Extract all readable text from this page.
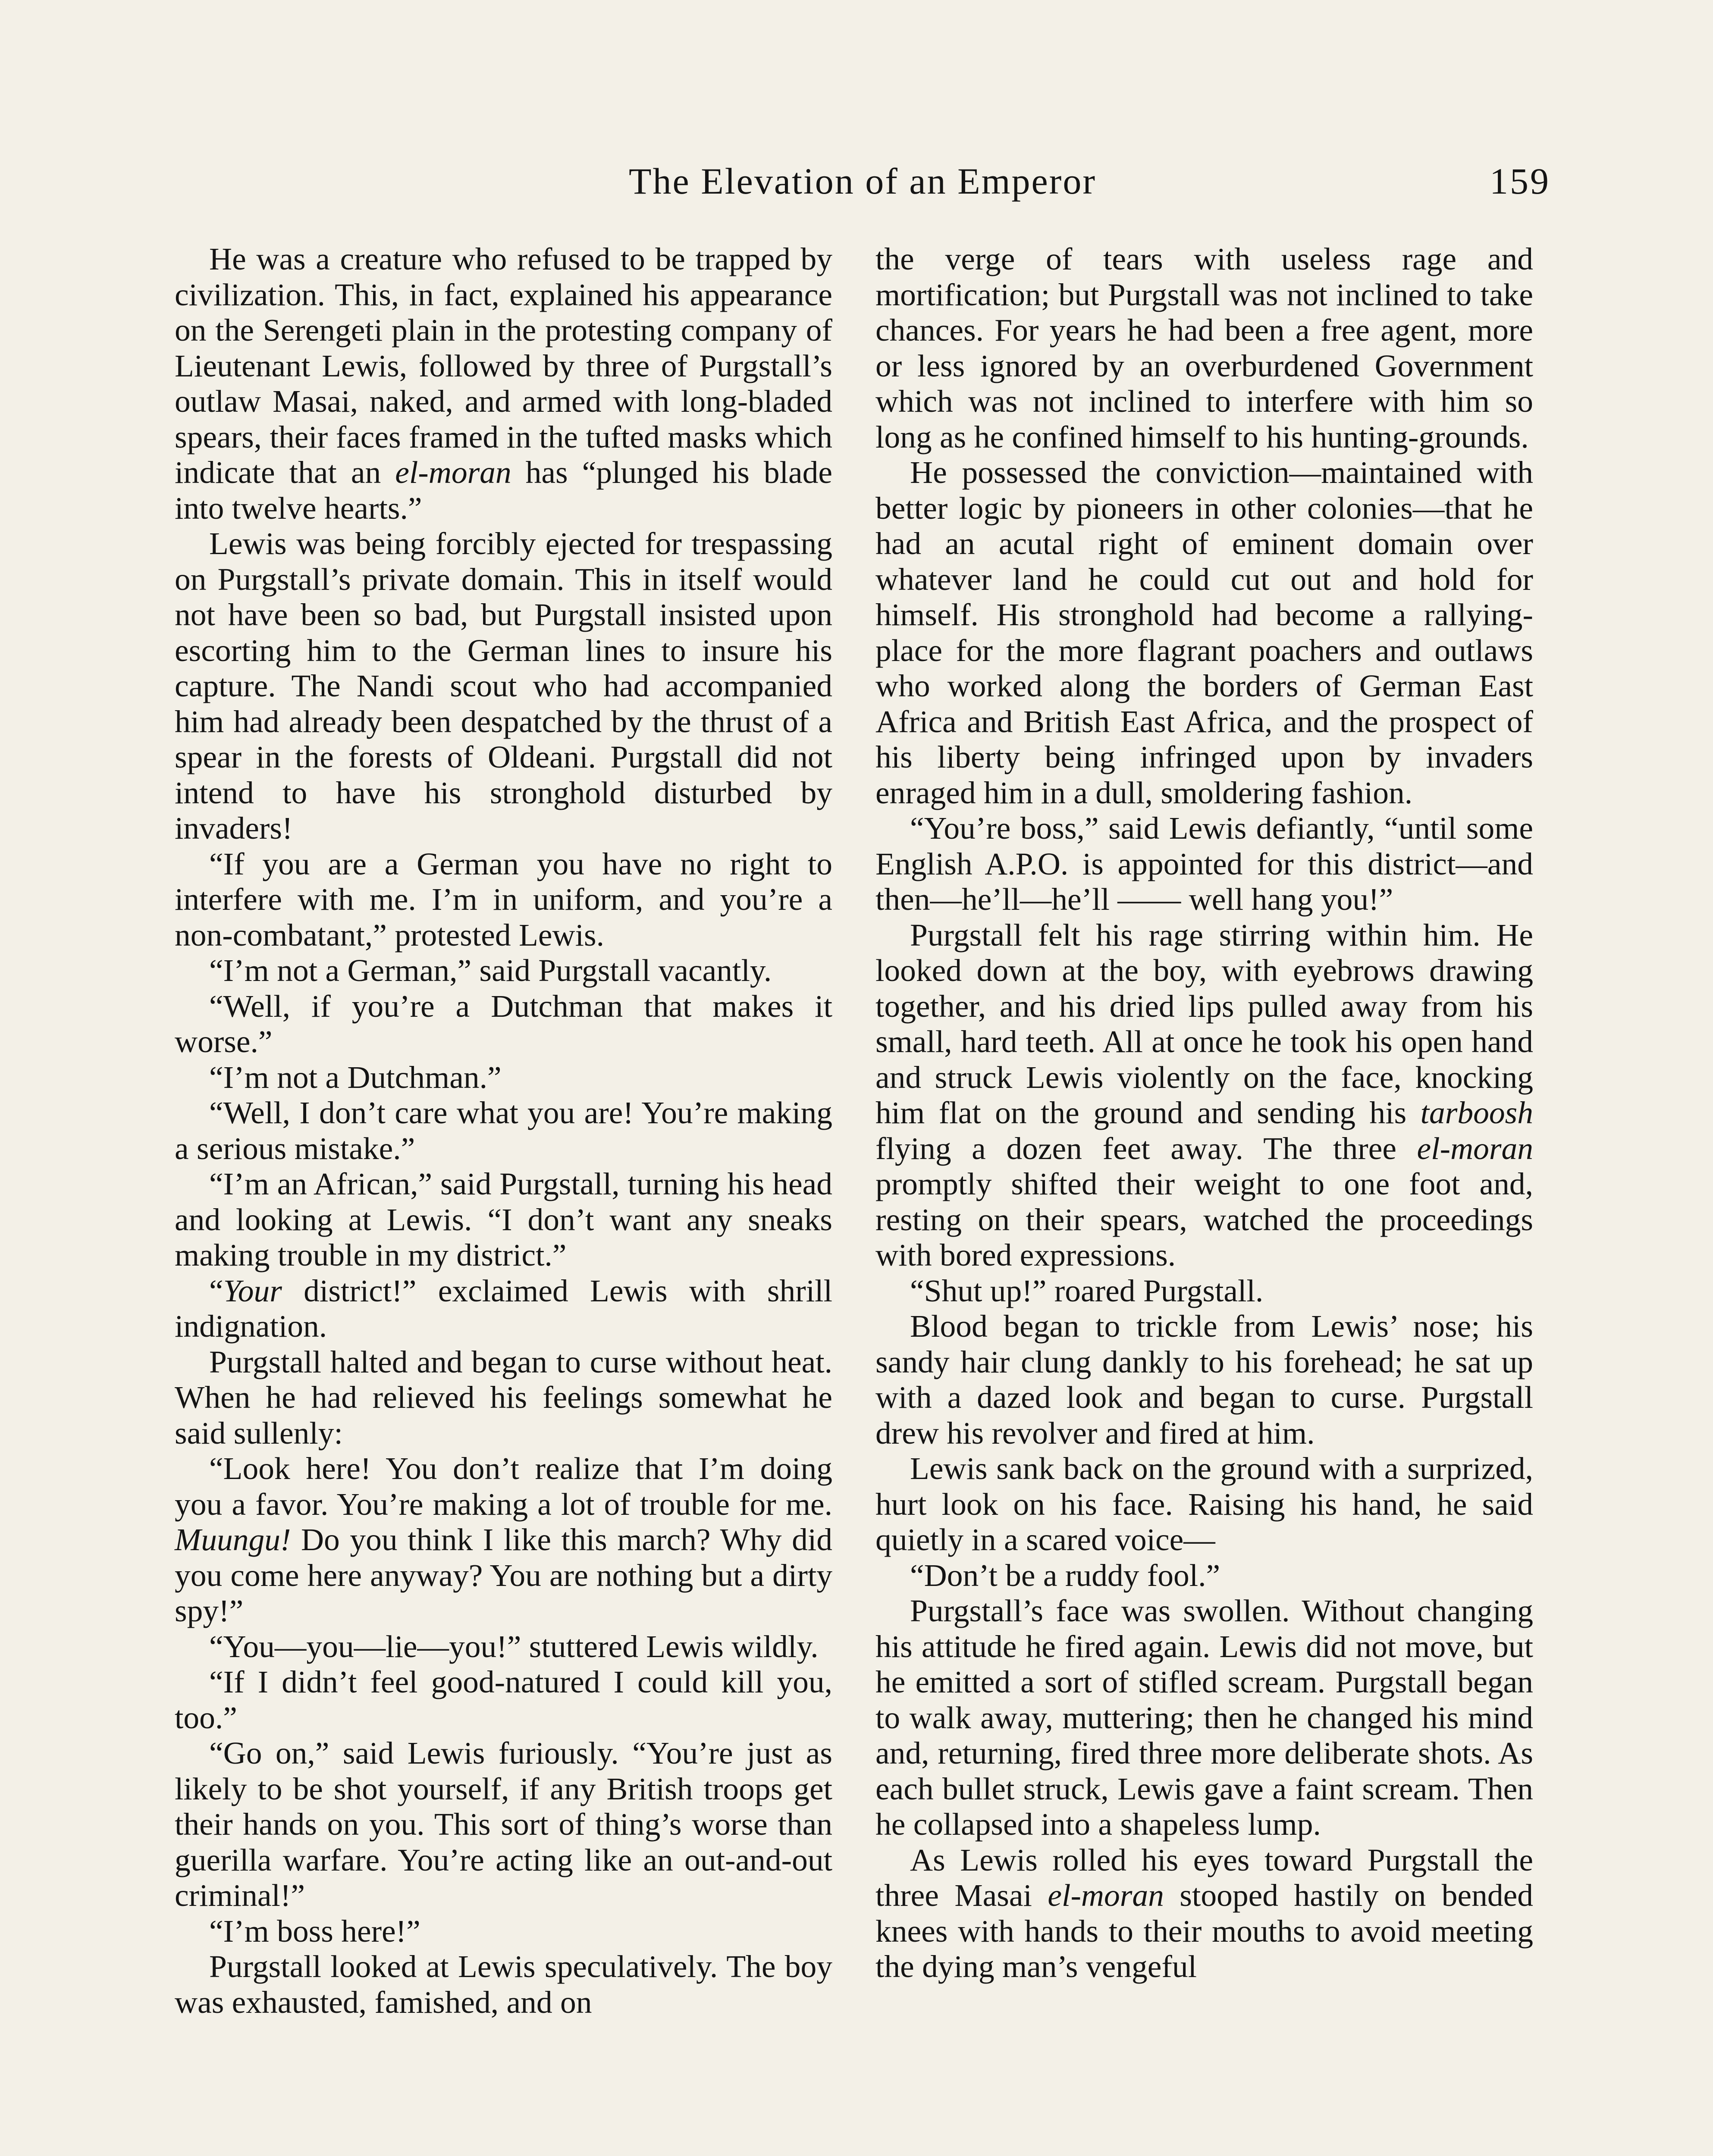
The Elevation of an Emperor	159

He was a creature who refused to be trapped by civilization. This, in fact, explained his appearance on the Serengeti plain in the protesting company of Lieutenant Lewis, followed by three of Purgstall’s outlaw Masai, naked, and armed with long-bladed spears, their faces framed in the tufted masks which indicate that an el-moran has “plunged his blade into twelve hearts.”

Lewis was being forcibly ejected for trespassing on Purgstall’s private domain. This in itself would not have been so bad, but Purgstall insisted upon escorting him to the German lines to insure his capture. The Nandi scout who had accompanied him had already been despatched by the thrust of a spear in the forests of Oldeani. Purgstall did not intend to have his stronghold disturbed by invaders!

“If you are a German you have no right to interfere with me. I’m in uniform, and you’re a non-combatant,” protested Lewis.

“I’m not a German,” said Purgstall vacantly.

“Well, if you’re a Dutchman that makes it worse.”

“I’m not a Dutchman.”

“Well, I don’t care what you are! You’re making a serious mistake.”

“I’m an African,” said Purgstall, turning his head and looking at Lewis. “I don’t want any sneaks making trouble in my district.”

“Your district!” exclaimed Lewis with shrill indignation.

Purgstall halted and began to curse without heat. When he had relieved his feelings somewhat he said sullenly:

“Look here! You don’t realize that I’m doing you a favor. You’re making a lot of trouble for me. Muungu! Do you think I like this march? Why did you come here anyway? You are nothing but a dirty spy!”

“You—you—lie—you!” stuttered Lewis wildly.

“If I didn’t feel good-natured I could kill you, too.”

“Go on,” said Lewis furiously. “You’re just as likely to be shot yourself, if any British troops get their hands on you. This sort of thing’s worse than guerilla warfare. You’re acting like an out-and-out criminal!”

“I’m boss here!”

Purgstall looked at Lewis speculatively. The boy was exhausted, famished, and on

the verge of tears with useless rage and mortification; but Purgstall was not inclined to take chances. For years he had been a free agent, more or less ignored by an overburdened Government which was not inclined to interfere with him so long as he confined himself to his hunting-grounds.

He possessed the conviction—maintained with better logic by pioneers in other colonies—that he had an acutal right of eminent domain over whatever land he could cut out and hold for himself. His stronghold had become a rallying-place for the more flagrant poachers and outlaws who worked along the borders of German East Africa and British East Africa, and the prospect of his liberty being infringed upon by invaders enraged him in a dull, smoldering fashion.

“You’re boss,” said Lewis defiantly, “until some English A.P.O. is appointed for this district—and then—he’ll—he’ll —— well hang you!”

Purgstall felt his rage stirring within him. He looked down at the boy, with eyebrows drawing together, and his dried lips pulled away from his small, hard teeth. All at once he took his open hand and struck Lewis violently on the face, knocking him flat on the ground and sending his tarboosh flying a dozen feet away. The three el-moran promptly shifted their weight to one foot and, resting on their spears, watched the proceedings with bored expressions.

“Shut up!” roared Purgstall.

Blood began to trickle from Lewis’ nose; his sandy hair clung dankly to his forehead; he sat up with a dazed look and began to curse. Purgstall drew his revolver and fired at him.

Lewis sank back on the ground with a surprized, hurt look on his face. Raising his hand, he said quietly in a scared voice—

“Don’t be a ruddy fool.”

Purgstall’s face was swollen. Without changing his attitude he fired again. Lewis did not move, but he emitted a sort of stifled scream. Purgstall began to walk away, muttering; then he changed his mind and, returning, fired three more deliberate shots. As each bullet struck, Lewis gave a faint scream. Then he collapsed into a shapeless lump.

As Lewis rolled his eyes toward Purgstall the three Masai el-moran stooped hastily on bended knees with hands to their mouths to avoid meeting the dying man’s vengeful
